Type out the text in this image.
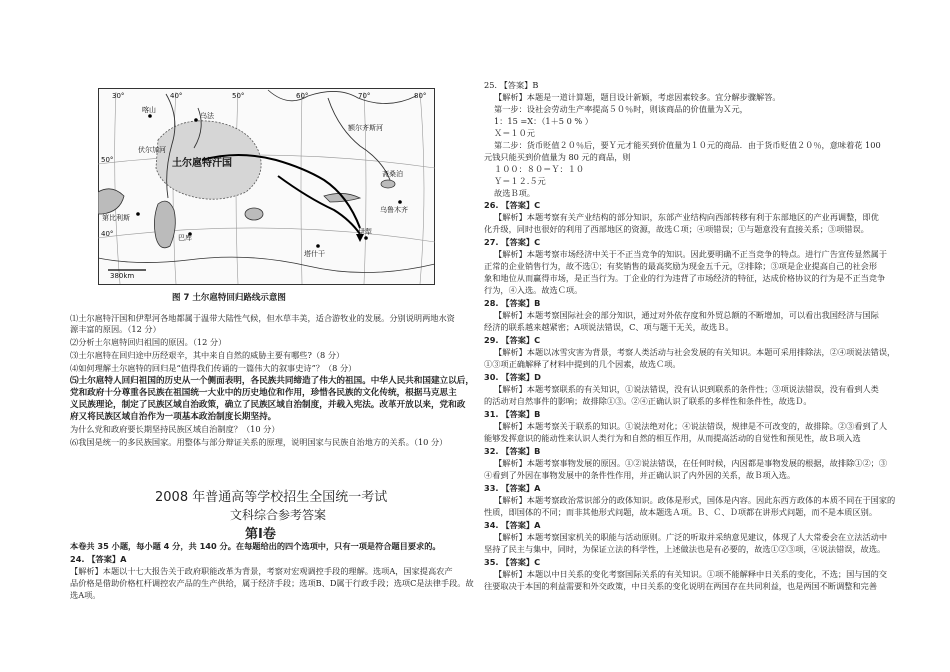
30°	40°	50°	60°	70°	80°
50°
40°
喀山
乌法
伏尔加河
土尔扈特汗国
额尔齐斯河
第比利斯
巴库
斋桑泊
乌鲁木齐
塔什干
伊犁
380km
图 7 土尔扈特回归路线示意图
⑴土尔扈特汗国和伊犁河各地都属于温带大陆性气候，但水草丰美，适合游牧业的发展。分别说明两地水资
源丰富的原因。（12 分）
⑵分析土尔扈特回归祖国的原因。（12 分）
⑶土尔扈特在回归途中历经艰辛，其中来自自然的威胁主要有哪些?（8 分）
⑷如何理解土尔扈特的回归是“值得我们传诵的一篇伟大的叙事史诗”？（8 分）
⑸土尔扈特人回归祖国的历史从一个侧面表明，各民族共同缔造了伟大的祖国。中华人民共和国建立以后，
党和政府十分尊重各民族在祖国统一大业中的历史地位和作用，珍惜各民族的文化传统，根据马克思主
义民族理论，制定了民族区域自治政策，确立了民族区域自治制度，并载入宪法。改革开放以来，党和政
府又将民族区域自治作为一项基本政治制度长期坚持。
为什么党和政府要长期坚持民族区域自治制度？（10 分）
⑹我国是统一的多民族国家。用整体与部分辩证关系的原理，说明国家与民族自治地方的关系。（10 分）
2008 年普通高等学校招生全国统一考试
文科综合参考答案
第Ⅰ卷
本卷共 35 小题，每小题 4 分，共 140 分。在每题给出的四个选项中，只有一项是符合题目要求的。
24. 【答案】A
【解析】本题以十七大报告关于政府职能改革为背景，考察对宏观调控手段的理解。选项A，国家提高农产
品价格是借助价格杠杆调控农产品的生产供给，属于经济手段；选项B、D属于行政手段；选项C是法律手段。故
选A项。
25. 【答案】B
【解析】本题是一道计算题，题目设计新颖，考虑因素较多。宜分解步骤解答。
第一步：设社会劳动生产率提高５０％时，则该商品的价值量为Ｘ元，
1：15 =X：（1＋5 0 % ）
Ｘ＝１０元
第二步：货币贬值２０％后，要Ｙ元才能买到价值量为１０元的商品．由于货币贬值２０％，意味着花 100
元钱只能买到价值量为 80 元的商品，则
１００：８０＝Ｙ：１０
Ｙ＝１２.５元
故选Ｂ项。
26. 【答案】C
【解析】本题考察有关产业结构的部分知识，东部产业结构向西部转移有利于东部地区的产业再调整，即优
化升级，同时也很好的利用了西部地区的资源，故选Ｃ项；④项错误；①与题意没有直接关系；③项错误。
27. 【答案】C
【解析】本题考察市场经济中关于不正当竞争的知识。因此要明确不正当竞争的特点。进行广告宣传显然属于
正常的企业销售行为，故不选①；有奖销售的最高奖励为现金五千元，②排除；③项是企业提高自己的社会形
象和地位从而赢得市场，是正当行为。丁企业的行为违背了市场经济的特征，达成价格协议的行为是不正当竞争
行为，④入选。故选Ｃ项。
28. 【答案】B
【解析】本题考察国际社会的部分知识，通过对外依存度和外贸总额的不断增加，可以看出我国经济与国际
经济的联系越来越紧密；A项说法错误，C、项与题干无关，故选Ｂ。
29. 【答案】C
【解析】本题以冰雪灾害为背景，考察人类活动与社会发展的有关知识。本题可采用排除法，②④项说法错误，
①③项正确解释了材料中提到的几个因素，故选Ｃ项。
30. 【答案】D
【解析】本题考察联系的有关知识，①说法错误，没有认识到联系的条件性；③项说法错误，没有看到人类
的活动对自然事件的影响；故排除①③。②④正确认识了联系的多样性和条件性，故选Ｄ。
31. 【答案】B
【解析】本题考察关于联系的知识。①说法绝对化；④说法错误，规律是不可改变的，故排除。②③看到了人
能够发挥意识的能动性来认识人类行为和自然的相互作用，从而提高活动的自觉性和预见性，故Ｂ项入选
32. 【答案】B
【解析】本题考察事物发展的原因。①②说法错误，在任何时候，内因都是事物发展的根据，故排除①②；③
④看到了外因在事物发展中的条件性作用，并正确认识了内外因的关系，故Ｂ项入选。
33. 【答案】A
【解析】本题考察政治常识部分的政体知识。政体是形式，国体是内容。因此东西方政体的本质不同在于国家的
性质，即国体的不同；而非其他形式问题，故本题选Ａ项。Ｂ、Ｃ、Ｄ项都在讲形式问题，而不是本质区别。
34. 【答案】A
【解析】本题考察国家机关的职能与活动原则。广泛的听取并采纳意见建议，体现了人大常委会在立法活动中
坚持了民主与集中，同时，为保证立法的科学性，上述做法也是有必要的，故选①②③项，④说法错误，故选。
35. 【答案】C
【解析】本题以中日关系的变化考察国际关系的有关知识。①项不能解释中日关系的变化，不选；国与国的交
往要取决于本国的利益需要和外交政策，中日关系的变化说明在两国存在共同利益，也是两国不断调整和完善
